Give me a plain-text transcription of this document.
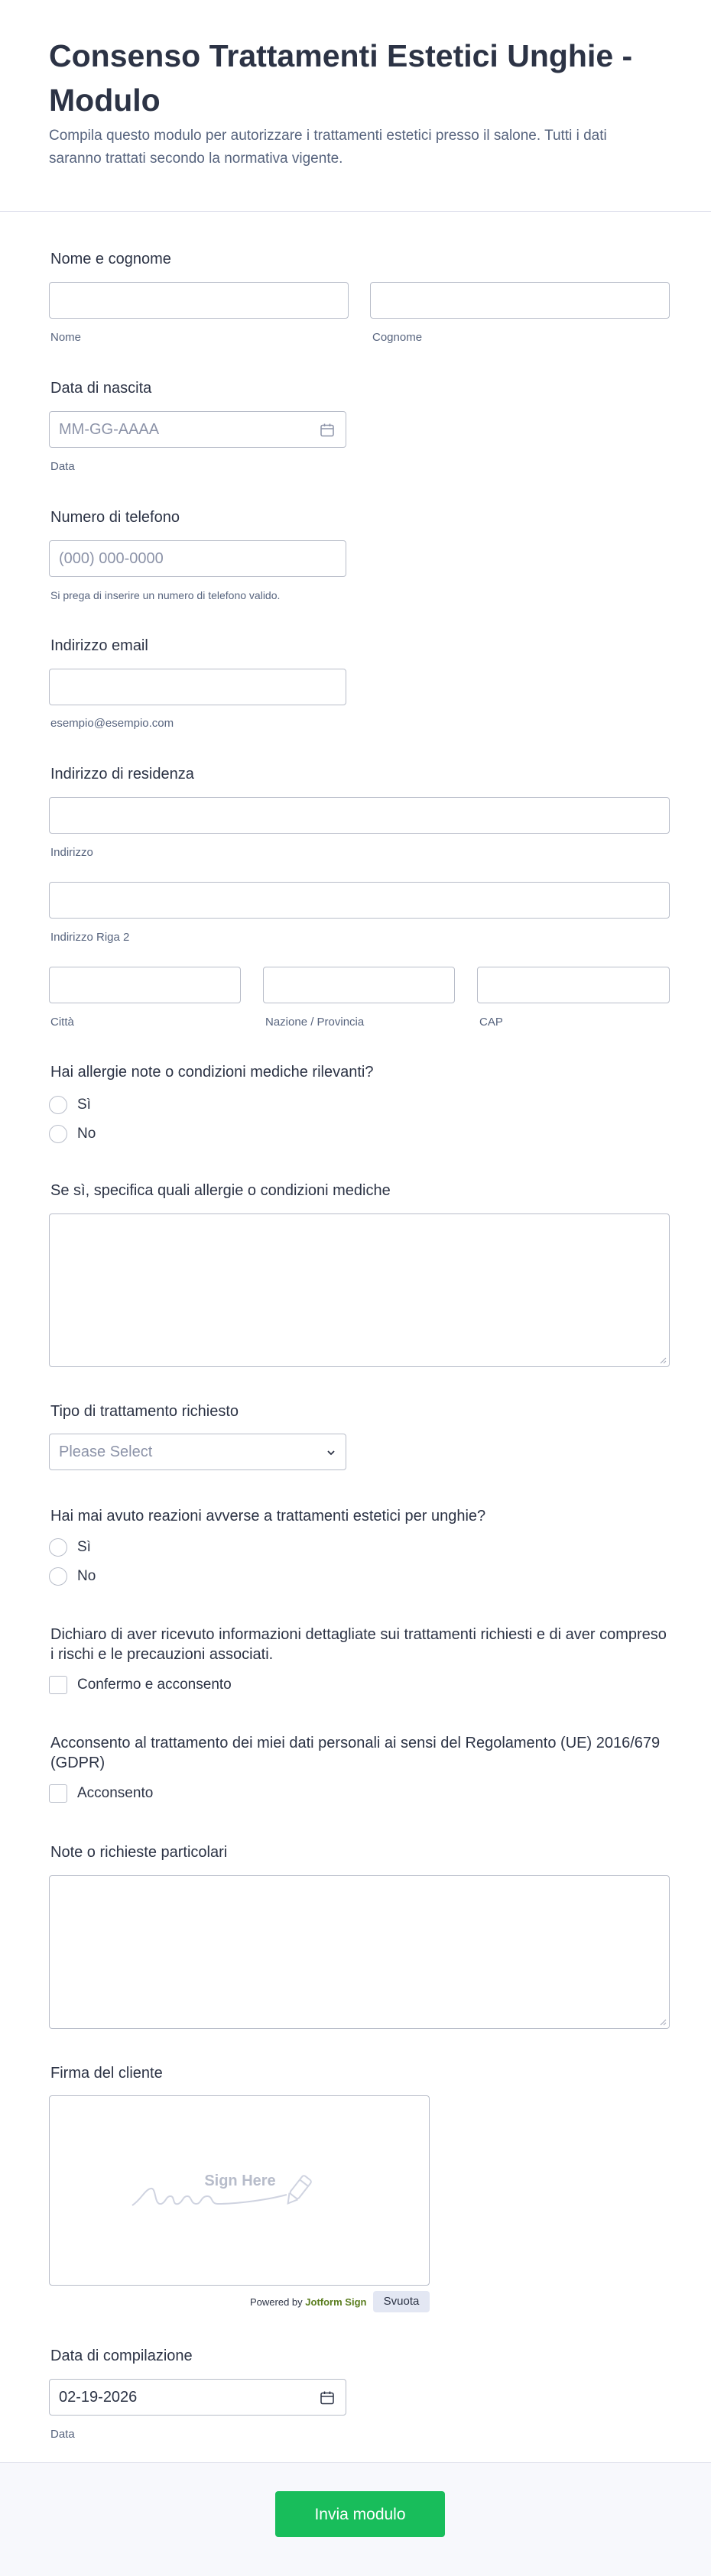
Consenso Trattamenti Estetici Unghie - Modulo
Compila questo modulo per autorizzare i trattamenti estetici presso il salone. Tutti i dati saranno trattati secondo la normativa vigente.
Nome e cognome
Nome	Cognome
Data di nascita
MM-GG-AAAA
Data
Numero di telefono
(000) 000-0000
Si prega di inserire un numero di telefono valido.
Indirizzo email
esempio@esempio.com
Indirizzo di residenza
Indirizzo
Indirizzo Riga 2
Città	Nazione / Provincia	CAP
Hai allergie note o condizioni mediche rilevanti?
Sì
No
Se sì, specifica quali allergie o condizioni mediche
Tipo di trattamento richiesto
Please Select
Hai mai avuto reazioni avverse a trattamenti estetici per unghie?
Sì
No
Dichiaro di aver ricevuto informazioni dettagliate sui trattamenti richiesti e di aver compreso i rischi e le precauzioni associati.
Confermo e acconsento
Acconsento al trattamento dei miei dati personali ai sensi del Regolamento (UE) 2016/679 (GDPR)
Acconsento
Note o richieste particolari
Firma del cliente
Sign Here
Powered by Jotform Sign	Svuota
Data di compilazione
02-19-2026
Data
Invia modulo
